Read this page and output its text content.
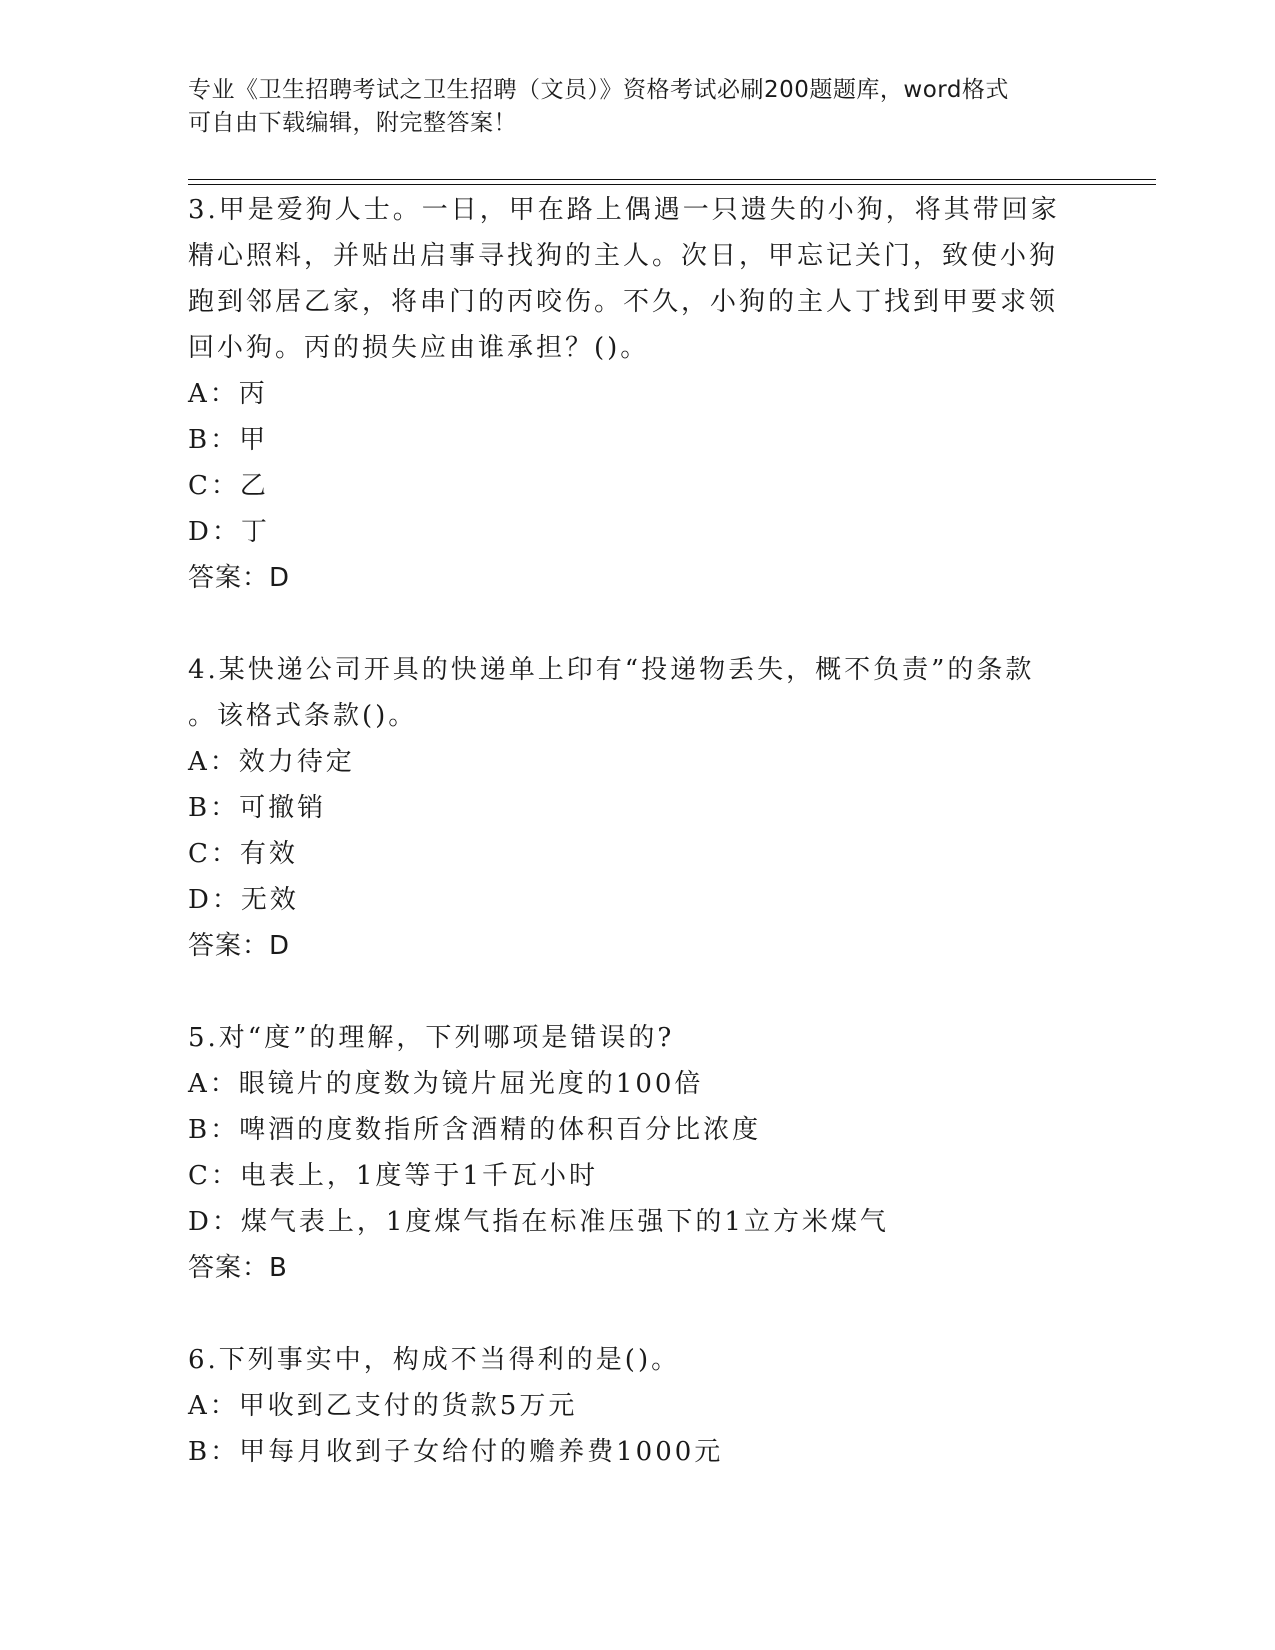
专业《卫生招聘考试之卫生招聘（文员）》资格考试必刷200题题库，word格式
可自由下载编辑，附完整答案！
3.甲是爱狗人士。一日，甲在路上偶遇一只遗失的小狗，将其带回家
精心照料，并贴出启事寻找狗的主人。次日，甲忘记关门，致使小狗
跑到邻居乙家，将串门的丙咬伤。不久，小狗的主人丁找到甲要求领
回小狗。丙的损失应由谁承担？()。
A：丙
B：甲
C：乙
D：丁
答案：D
4.某快递公司开具的快递单上印有“投递物丢失，概不负责”的条款
。该格式条款()。
A：效力待定
B：可撤销
C：有效
D：无效
答案：D
5.对“度”的理解，下列哪项是错误的?
A：眼镜片的度数为镜片屈光度的100倍
B：啤酒的度数指所含酒精的体积百分比浓度
C：电表上，1度等于1千瓦小时
D：煤气表上，1度煤气指在标准压强下的1立方米煤气
答案：B
6.下列事实中，构成不当得利的是()。
A：甲收到乙支付的货款5万元
B：甲每月收到子女给付的赡养费1000元
